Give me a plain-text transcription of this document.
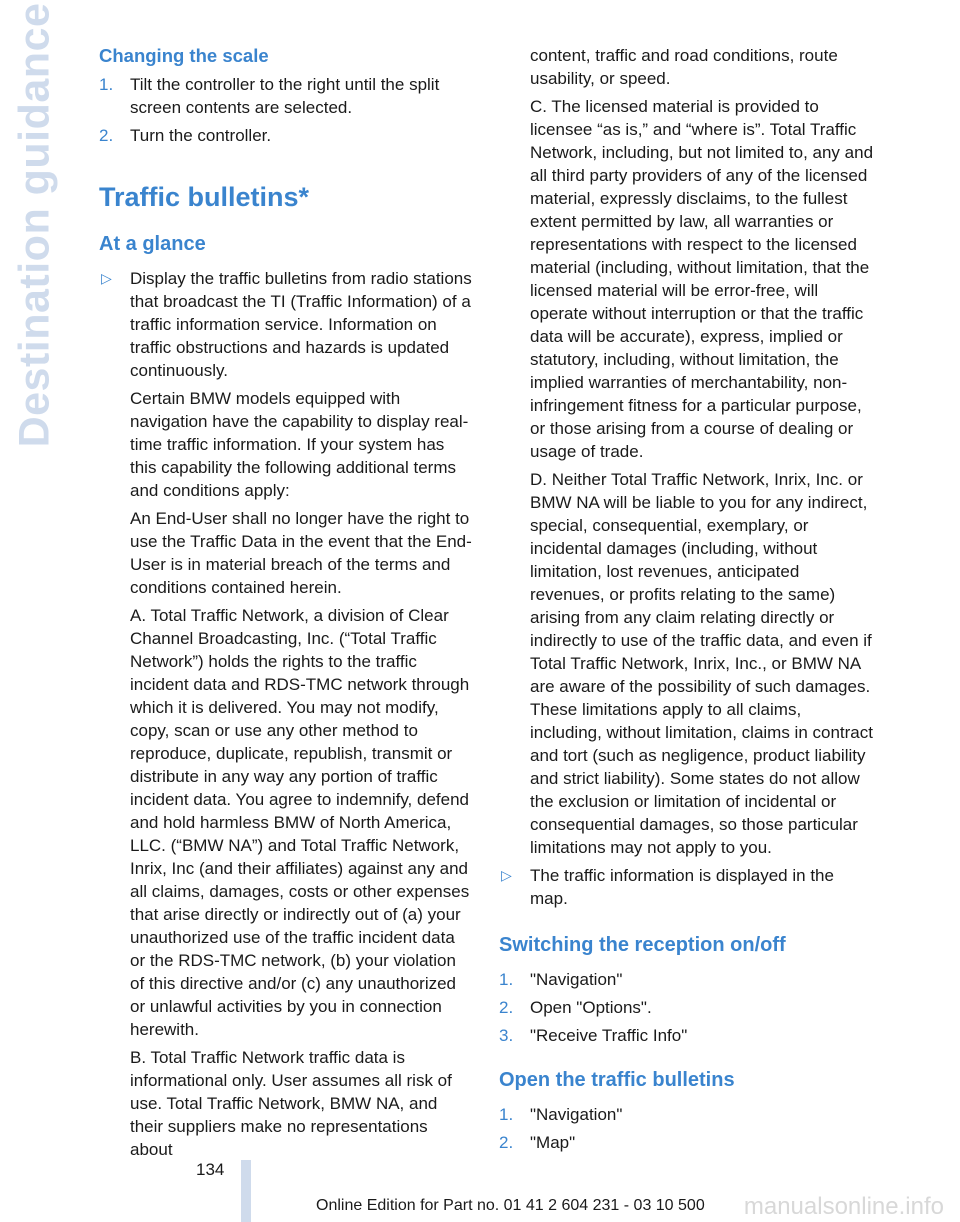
Destination guidance Changing the scale
1. Tilt the controller to the right until the split screen contents are selected.

2. Turn the controller.

Traffic bulletins*
At a glance
▷ Display the traffic bulletins from radio stations that broadcast the TI (Traffic Information) of a traffic information service. Information on traffic obstructions and hazards is updated continuously.

Certain BMW models equipped with navigation have the capability to display real-time traffic information. If your system has this capability the following additional terms and conditions apply:

An End-User shall no longer have the right to use the Traffic Data in the event that the End-User is in material breach of the terms and conditions contained herein.

A. Total Traffic Network, a division of Clear Channel Broadcasting, Inc. (“Total Traffic Network”) holds the rights to the traffic incident data and RDS-TMC network through which it is delivered. You may not modify, copy, scan or use any other method to reproduce, duplicate, republish, transmit or distribute in any way any portion of traffic incident data. You agree to indemnify, defend and hold harmless BMW of North America, LLC. (“BMW NA”) and Total Traffic Network, Inrix, Inc (and their affiliates) against any and all claims, damages, costs or other expenses that arise directly or indirectly out of (a) your unauthorized use of the traffic incident data or the RDS-TMC network, (b) your violation of this directive and/or (c) any unauthorized or unlawful activities by you in connection herewith.

B. Total Traffic Network traffic data is informational only. User assumes all risk of use. Total Traffic Network, BMW NA, and their suppliers make no representations about

content, traffic and road conditions, route usability, or speed.

C. The licensed material is provided to licensee “as is,” and “where is”. Total Traffic Network, including, but not limited to, any and all third party providers of any of the licensed material, expressly disclaims, to the fullest extent permitted by law, all warranties or representations with respect to the licensed material (including, without limitation, that the licensed material will be error-free, will operate without interruption or that the traffic data will be accurate), express, implied or statutory, including, without limitation, the implied warranties of merchantability, non-infringement fitness for a particular purpose, or those arising from a course of dealing or usage of trade.

D. Neither Total Traffic Network, Inrix, Inc. or BMW NA will be liable to you for any indirect, special, consequential, exemplary, or incidental damages (including, without limitation, lost revenues, anticipated revenues, or profits relating to the same) arising from any claim relating directly or indirectly to use of the traffic data, and even if Total Traffic Network, Inrix, Inc., or BMW NA are aware of the possibility of such damages. These limitations apply to all claims, including, without limitation, claims in contract and tort (such as negligence, product liability and strict liability). Some states do not allow the exclusion or limitation of incidental or consequential damages, so those particular limitations may not apply to you.

▷ The traffic information is displayed in the map.

Switching the reception on/off
1. "Navigation"

2. Open "Options".

3. "Receive Traffic Info"

Open the traffic bulletins
1. "Navigation"

2. "Map"

134
Online Edition for Part no. 01 41 2 604 231 - 03 10 500 manualsonline.info
